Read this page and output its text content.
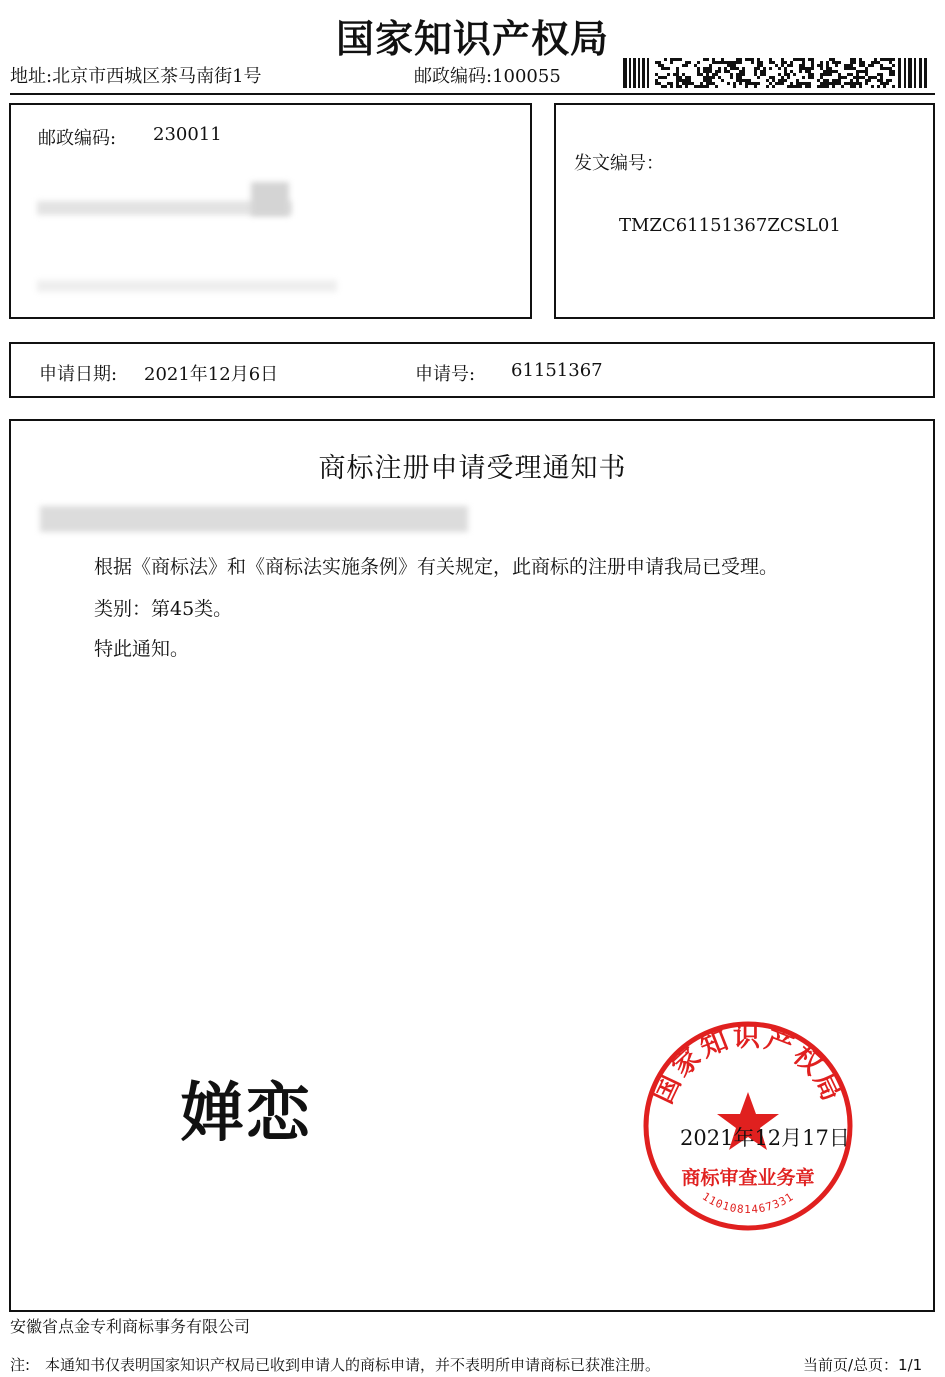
国家知识产权局
地址:北京市西城区茶马南街1号	邮政编码:100055
邮政编码: 230011
发文编号：
TMZC61151367ZCSL01
申请日期: 2021年12月6日	申请号: 61151367
商标注册申请受理通知书
根据《商标法》和《商标法实施条例》有关规定，此商标的注册申请我局已受理。
类别：第45类。
特此通知。
婵恋	国家知识产权局
商标审查业务章
1101081467331
2021年12月17日
安徽省点金专利商标事务有限公司
注:　本通知书仅表明国家知识产权局已收到申请人的商标申请，并不表明所申请商标已获准注册。	当前页/总页：1/1
